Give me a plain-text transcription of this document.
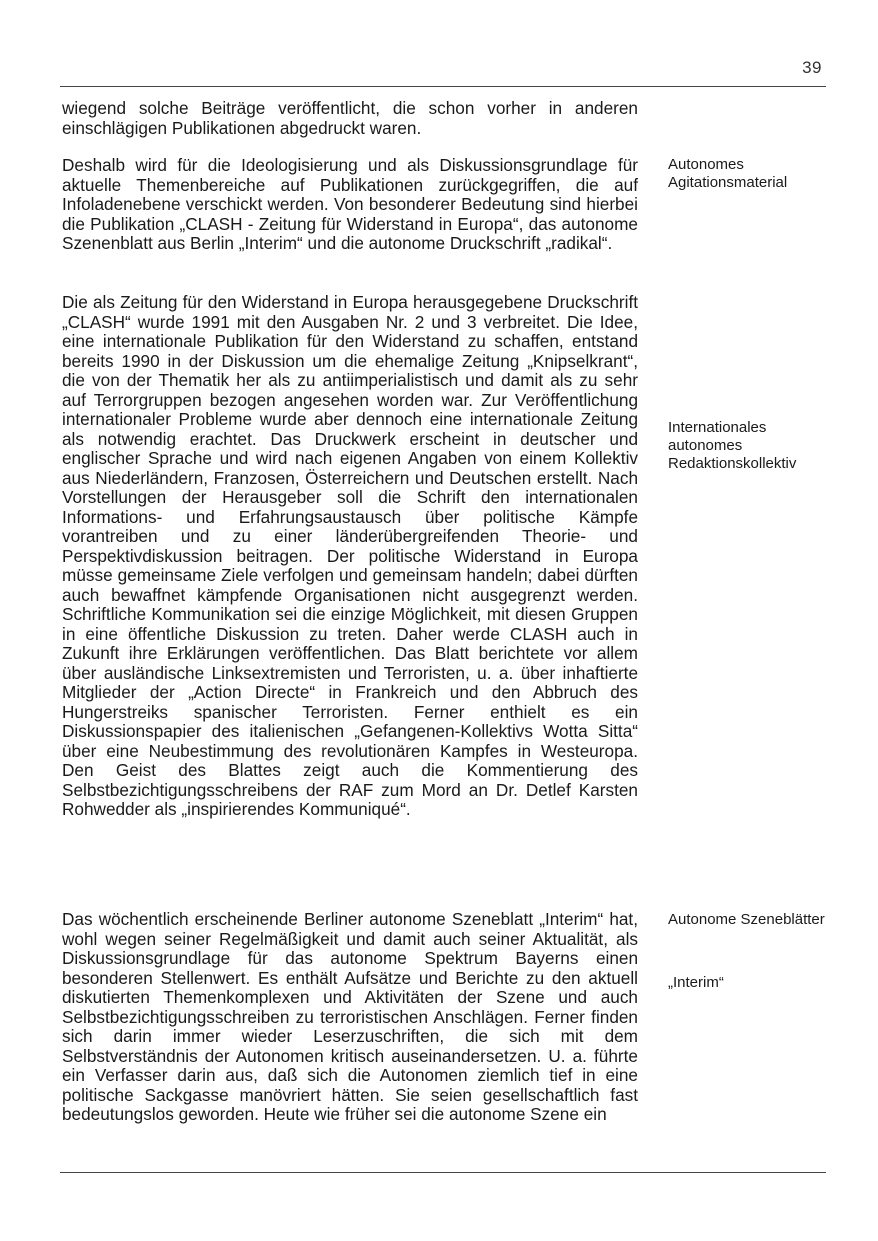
39

wiegend solche Beiträge veröffentlicht, die schon vorher in anderen einschlägigen Publikationen abgedruckt waren.

Deshalb wird für die Ideologisierung und als Diskussionsgrundlage für aktuelle Themenbereiche auf Publikationen zurückgegriffen, die auf Infoladenebene verschickt werden. Von besonderer Bedeutung sind hierbei die Publikation „CLASH - Zeitung für Widerstand in Europa“, das autonome Szenenblatt aus Berlin „Interim“ und die autonome Druckschrift „radikal“.

Die als Zeitung für den Widerstand in Europa herausgegebene Druckschrift „CLASH“ wurde 1991 mit den Ausgaben Nr. 2 und 3 verbreitet. Die Idee, eine internationale Publikation für den Widerstand zu schaffen, entstand bereits 1990 in der Diskussion um die ehemalige Zeitung „Knipselkrant“, die von der Thematik her als zu antiimperialistisch und damit als zu sehr auf Terrorgruppen bezogen angesehen worden war. Zur Veröffentlichung internationaler Probleme wurde aber dennoch eine internationale Zeitung als notwendig erachtet. Das Druckwerk erscheint in deutscher und englischer Sprache und wird nach eigenen Angaben von einem Kollektiv aus Niederländern, Franzosen, Österreichern und Deutschen erstellt. Nach Vorstellungen der Herausgeber soll die Schrift den internationalen Informations- und Erfahrungsaustausch über politische Kämpfe vorantreiben und zu einer länderübergreifenden Theorie- und Perspektivdiskussion beitragen. Der politische Widerstand in Europa müsse gemeinsame Ziele verfolgen und gemeinsam handeln; dabei dürften auch bewaffnet kämpfende Organisationen nicht ausgegrenzt werden. Schriftliche Kommunikation sei die einzige Möglichkeit, mit diesen Gruppen in eine öffentliche Diskussion zu treten. Daher werde CLASH auch in Zukunft ihre Erklärungen veröffentlichen. Das Blatt berichtete vor allem über ausländische Linksextremisten und Terroristen, u. a. über inhaftierte Mitglieder der „Action Directe“ in Frankreich und den Abbruch des Hungerstreiks spanischer Terroristen. Ferner enthielt es ein Diskussionspapier des italienischen „Gefangenen-Kollektivs Wotta Sitta“ über eine Neubestimmung des revolutionären Kampfes in Westeuropa. Den Geist des Blattes zeigt auch die Kommentierung des Selbstbezichtigungsschreibens der RAF zum Mord an Dr. Detlef Karsten Rohwedder als „inspirierendes Kommuniqué“.

Das wöchentlich erscheinende Berliner autonome Szeneblatt „Interim“ hat, wohl wegen seiner Regelmäßigkeit und damit auch seiner Aktualität, als Diskussionsgrundlage für das autonome Spektrum Bayerns einen besonderen Stellenwert. Es enthält Aufsätze und Berichte zu den aktuell diskutierten Themenkomplexen und Aktivitäten der Szene und auch Selbstbezichtigungsschreiben zu terroristischen Anschlägen. Ferner finden sich darin immer wieder Leserzuschriften, die sich mit dem Selbstverständnis der Autonomen kritisch auseinandersetzen. U. a. führte ein Verfasser darin aus, daß sich die Autonomen ziemlich tief in eine politische Sackgasse manövriert hätten. Sie seien gesellschaftlich fast bedeutungslos geworden. Heute wie früher sei die autonome Szene ein

Autonomes Agitationsmaterial

Internationales autonomes Redaktionskollektiv

Autonome Szeneblätter

„Interim“
